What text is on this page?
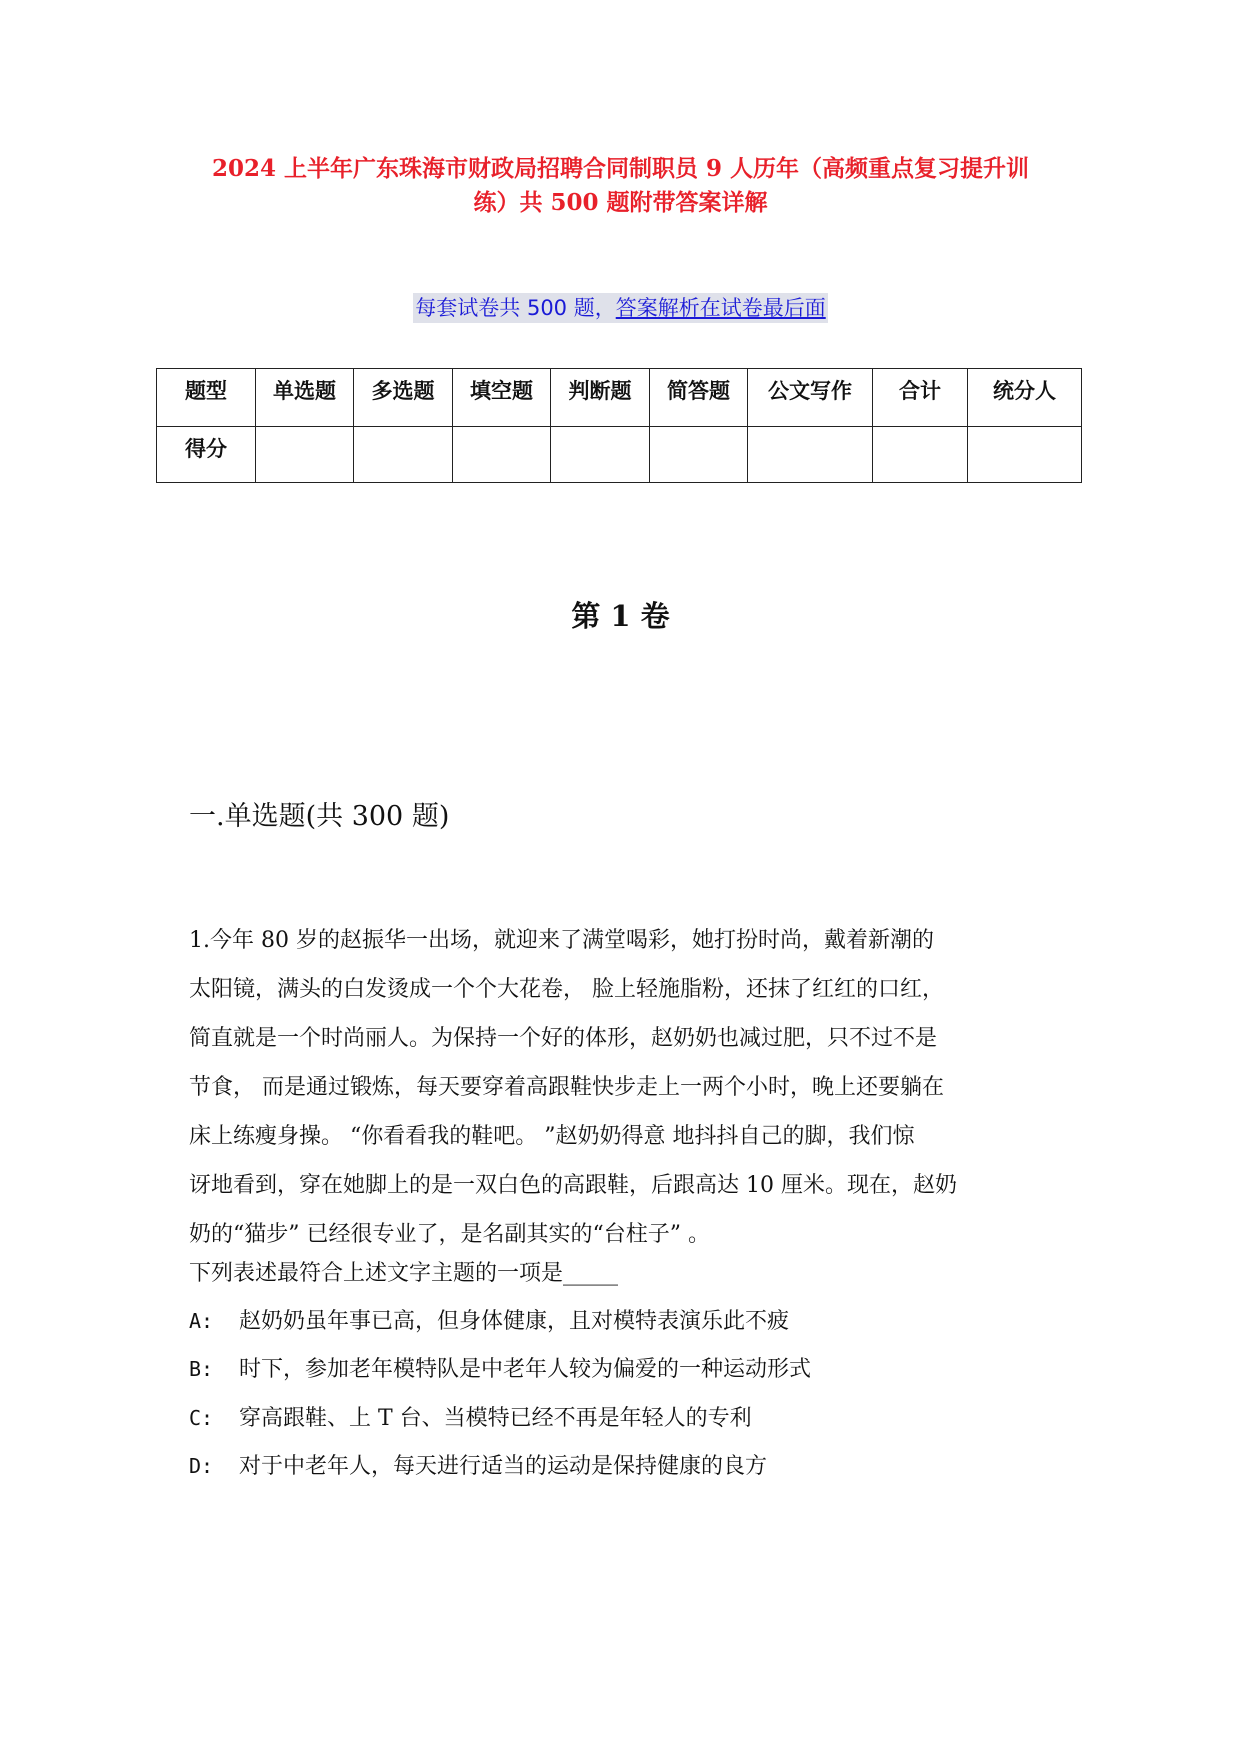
2024 上半年广东珠海市财政局招聘合同制职员 9 人历年（高频重点复习提升训
练）共 500 题附带答案详解
每套试卷共 500 题，答案解析在试卷最后面
题型	单选题	多选题	填空题	判断题	简答题	公文写作	合计	统分人
得分								
第 1 卷
一.单选题(共 300 题)

1.今年 80 岁的赵振华一出场，就迎来了满堂喝彩，她打扮时尚，戴着新潮的

太阳镜，满头的白发烫成一个个大花卷， 脸上轻施脂粉，还抹了红红的口红，

简直就是一个时尚丽人。为保持一个好的体形，赵奶奶也减过肥，只不过不是

节食， 而是通过锻炼，每天要穿着高跟鞋快步走上一两个小时，晚上还要躺在

床上练瘦身操。 “你看看我的鞋吧。 ”赵奶奶得意 地抖抖自己的脚，我们惊

讶地看到，穿在她脚上的是一双白色的高跟鞋，后跟高达 10 厘米。现在，赵奶

奶的“猫步” 已经很专业了，是名副其实的“台柱子” 。

下列表述最符合上述文字主题的一项是_____
A: 赵奶奶虽年事已高，但身体健康，且对模特表演乐此不疲
B: 时下，参加老年模特队是中老年人较为偏爱的一种运动形式
C: 穿高跟鞋、上 T 台、当模特已经不再是年轻人的专利
D: 对于中老年人，每天进行适当的运动是保持健康的良方
